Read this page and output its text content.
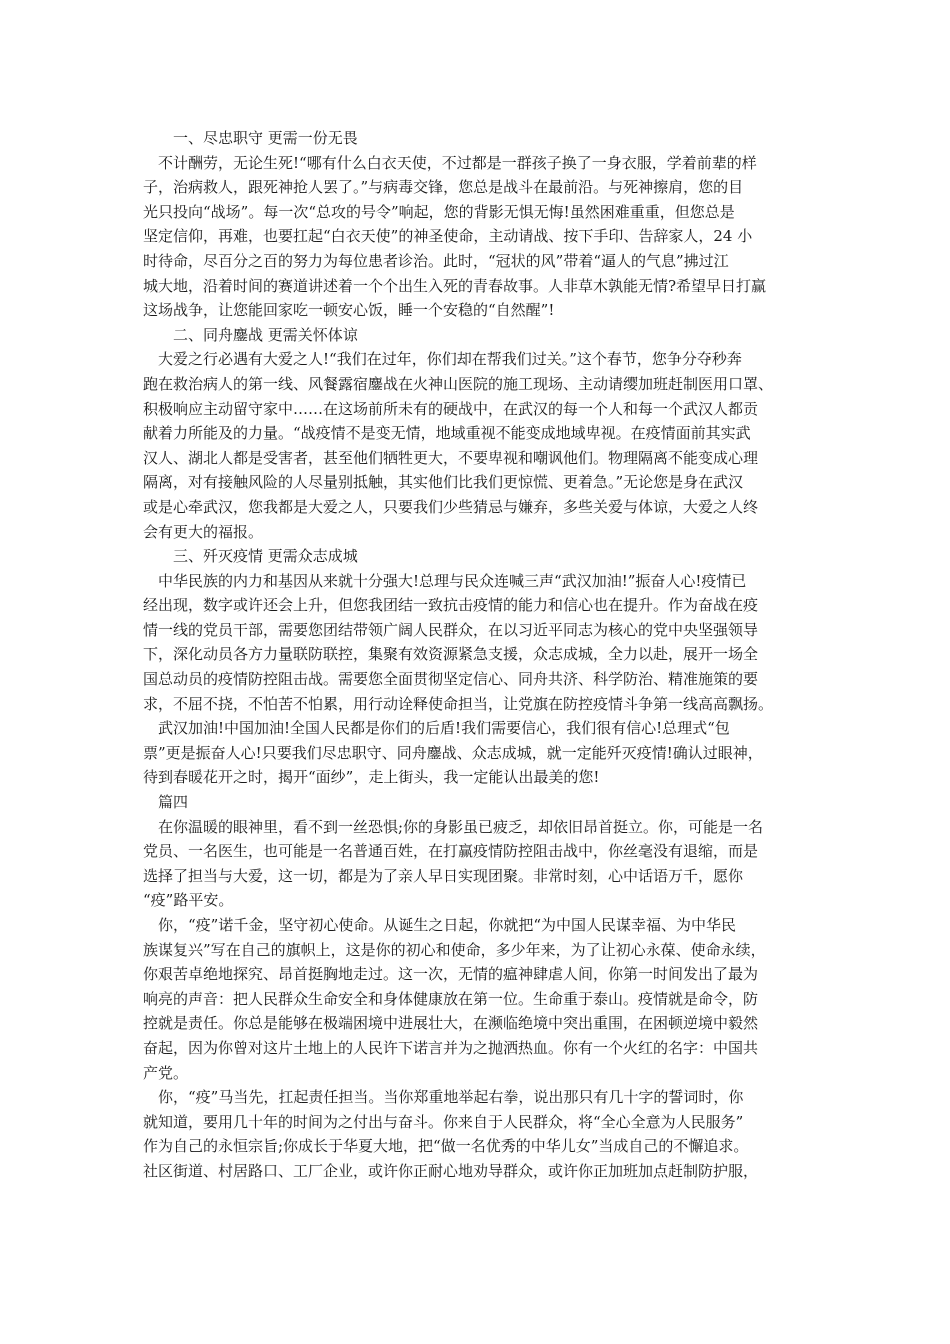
一、尽忠职守 更需一份无畏

不计酬劳，无论生死!“哪有什么白衣天使，不过都是一群孩子换了一身衣服，学着前辈的样

子，治病救人，跟死神抢人罢了。”与病毒交锋，您总是战斗在最前沿。与死神擦肩，您的目

光只投向“战场”。每一次“总攻的号令”响起，您的背影无惧无悔!虽然困难重重，但您总是

坚定信仰，再难，也要扛起“白衣天使”的神圣使命，主动请战、按下手印、告辞家人，24 小

时待命，尽百分之百的努力为每位患者诊治。此时，“冠状的风”带着“逼人的气息”拂过江

城大地，沿着时间的赛道讲述着一个个出生入死的青春故事。人非草木孰能无情?希望早日打赢

这场战争，让您能回家吃一顿安心饭，睡一个安稳的“自然醒”!

二、同舟鏖战 更需关怀体谅

大爱之行必遇有大爱之人!“我们在过年，你们却在帮我们过关。”这个春节，您争分夺秒奔

跑在救治病人的第一线、风餐露宿鏖战在火神山医院的施工现场、主动请缨加班赶制医用口罩、

积极响应主动留守家中……在这场前所未有的硬战中，在武汉的每一个人和每一个武汉人都贡

献着力所能及的力量。“战疫情不是变无情，地域重视不能变成地域卑视。在疫情面前其实武

汉人、湖北人都是受害者，甚至他们牺牲更大，不要卑视和嘲讽他们。物理隔离不能变成心理

隔离，对有接触风险的人尽量别抵触，其实他们比我们更惊慌、更着急。”无论您是身在武汉

或是心牵武汉，您我都是大爱之人，只要我们少些猜忌与嫌弃，多些关爱与体谅，大爱之人终

会有更大的福报。

三、歼灭疫情 更需众志成城

中华民族的内力和基因从来就十分强大!总理与民众连喊三声“武汉加油!”振奋人心!疫情已

经出现，数字或许还会上升，但您我团结一致抗击疫情的能力和信心也在提升。作为奋战在疫

情一线的党员干部，需要您团结带领广阔人民群众，在以习近平同志为核心的党中央坚强领导

下，深化动员各方力量联防联控，集聚有效资源紧急支援，众志成城，全力以赴，展开一场全

国总动员的疫情防控阻击战。需要您全面贯彻坚定信心、同舟共济、科学防治、精准施策的要

求，不屈不挠，不怕苦不怕累，用行动诠释使命担当，让党旗在防控疫情斗争第一线高高飘扬。

武汉加油!中国加油!全国人民都是你们的后盾!我们需要信心，我们很有信心!总理式“包

票”更是振奋人心!只要我们尽忠职守、同舟鏖战、众志成城，就一定能歼灭疫情!确认过眼神，

待到春暖花开之时，揭开“面纱”，走上街头，我一定能认出最美的您!

篇四

在你温暖的眼神里，看不到一丝恐惧;你的身影虽已疲乏，却依旧昂首挺立。你，可能是一名

党员、一名医生，也可能是一名普通百姓，在打赢疫情防控阻击战中，你丝毫没有退缩，而是

选择了担当与大爱，这一切，都是为了亲人早日实现团聚。非常时刻，心中话语万千，愿你

“疫”路平安。

你，“疫”诺千金，坚守初心使命。从诞生之日起，你就把“为中国人民谋幸福、为中华民

族谋复兴”写在自己的旗帜上，这是你的初心和使命，多少年来，为了让初心永葆、使命永续，

你艰苦卓绝地探究、昂首挺胸地走过。这一次，无情的瘟神肆虐人间，你第一时间发出了最为

响亮的声音：把人民群众生命安全和身体健康放在第一位。生命重于泰山。疫情就是命令，防

控就是责任。你总是能够在极端困境中进展壮大，在濒临绝境中突出重围，在困顿逆境中毅然

奋起，因为你曾对这片土地上的人民许下诺言并为之抛洒热血。你有一个火红的名字：中国共

产党。

你，“疫”马当先，扛起责任担当。当你郑重地举起右拳，说出那只有几十字的誓词时，你

就知道，要用几十年的时间为之付出与奋斗。你来自于人民群众，将“全心全意为人民服务”

作为自己的永恒宗旨;你成长于华夏大地，把“做一名优秀的中华儿女”当成自己的不懈追求。

社区街道、村居路口、工厂企业，或许你正耐心地劝导群众，或许你正加班加点赶制防护服，
